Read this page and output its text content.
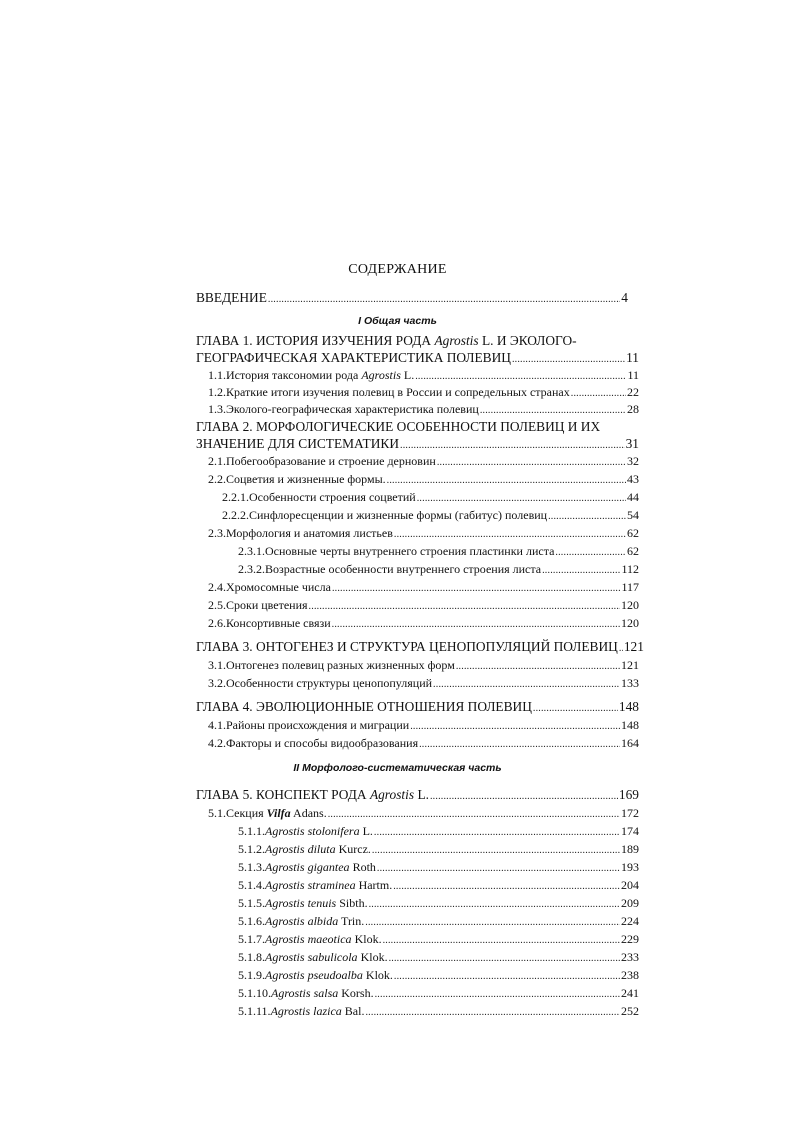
СОДЕРЖАНИЕ
ВВЕДЕНИЕ .....	4
I Общая часть
ГЛАВА 1. ИСТОРИЯ ИЗУЧЕНИЯ РОДА Agrostis L. И ЭКОЛОГО-
ГЕОГРАФИЧЕСКАЯ ХАРАКТЕРИСТИКА ПОЛЕВИЦ .....	11
1.1. История таксономии рода Agrostis L. .....	11
1.2. Краткие итоги изучения полевиц в России и сопредельных странах .....	22
1.3. Эколого-географическая характеристика полевиц .....	28
ГЛАВА 2. МОРФОЛОГИЧЕСКИЕ ОСОБЕННОСТИ ПОЛЕВИЦ И ИХ
ЗНАЧЕНИЕ ДЛЯ СИСТЕМАТИКИ .....	31
2.1. Побегообразование и строение дерновин .....	32
2.2. Соцветия и жизненные формы. .....	43
2.2.1. Особенности строения соцветий .....	44
2.2.2. Синфлоресценции и жизненные формы (габитус) полевиц .....	54
2.3. Морфология и анатомия листьев .....	62
2.3.1. Основные черты внутреннего строения пластинки листа .....	62
2.3.2. Возрастные особенности внутреннего строения листа .....	112
2.4. Хромосомные числа .....	117
2.5. Сроки цветения .....	120
2.6. Консортивные связи .....	120
ГЛАВА 3. ОНТОГЕНЕЗ И СТРУКТУРА ЦЕНОПОПУЛЯЦИЙ ПОЛЕВИЦ ..... 121
3.1. Онтогенез полевиц разных жизненных форм .....	121
3.2. Особенности структуры ценопопуляций .....	133
ГЛАВА 4. ЭВОЛЮЦИОННЫЕ ОТНОШЕНИЯ ПОЛЕВИЦ .....	148
4.1. Районы происхождения и миграции .....	148
4.2. Факторы и способы видообразования .....	164
II Морфолого-систематическая часть
ГЛАВА 5. КОНСПЕКТ РОДА Agrostis L. .....	169
5.1. Секция Vilfa Adans. .....	172
5.1.1. Agrostis stolonifera L. .....	174
5.1.2. Agrostis diluta Kurcz. .....	189
5.1.3. Agrostis gigantea Roth .....	193
5.1.4. Agrostis straminea Hartm. .....	204
5.1.5. Agrostis tenuis Sibth. .....	209
5.1.6. Agrostis albida Trin. .....	224
5.1.7. Agrostis maeotica Klok. .....	229
5.1.8. Agrostis sabulicola Klok. .....	233
5.1.9. Agrostis pseudoalba Klok. .....	238
5.1.10. Agrostis salsa Korsh. .....	241
5.1.11. Agrostis lazica Bal. .....	252
